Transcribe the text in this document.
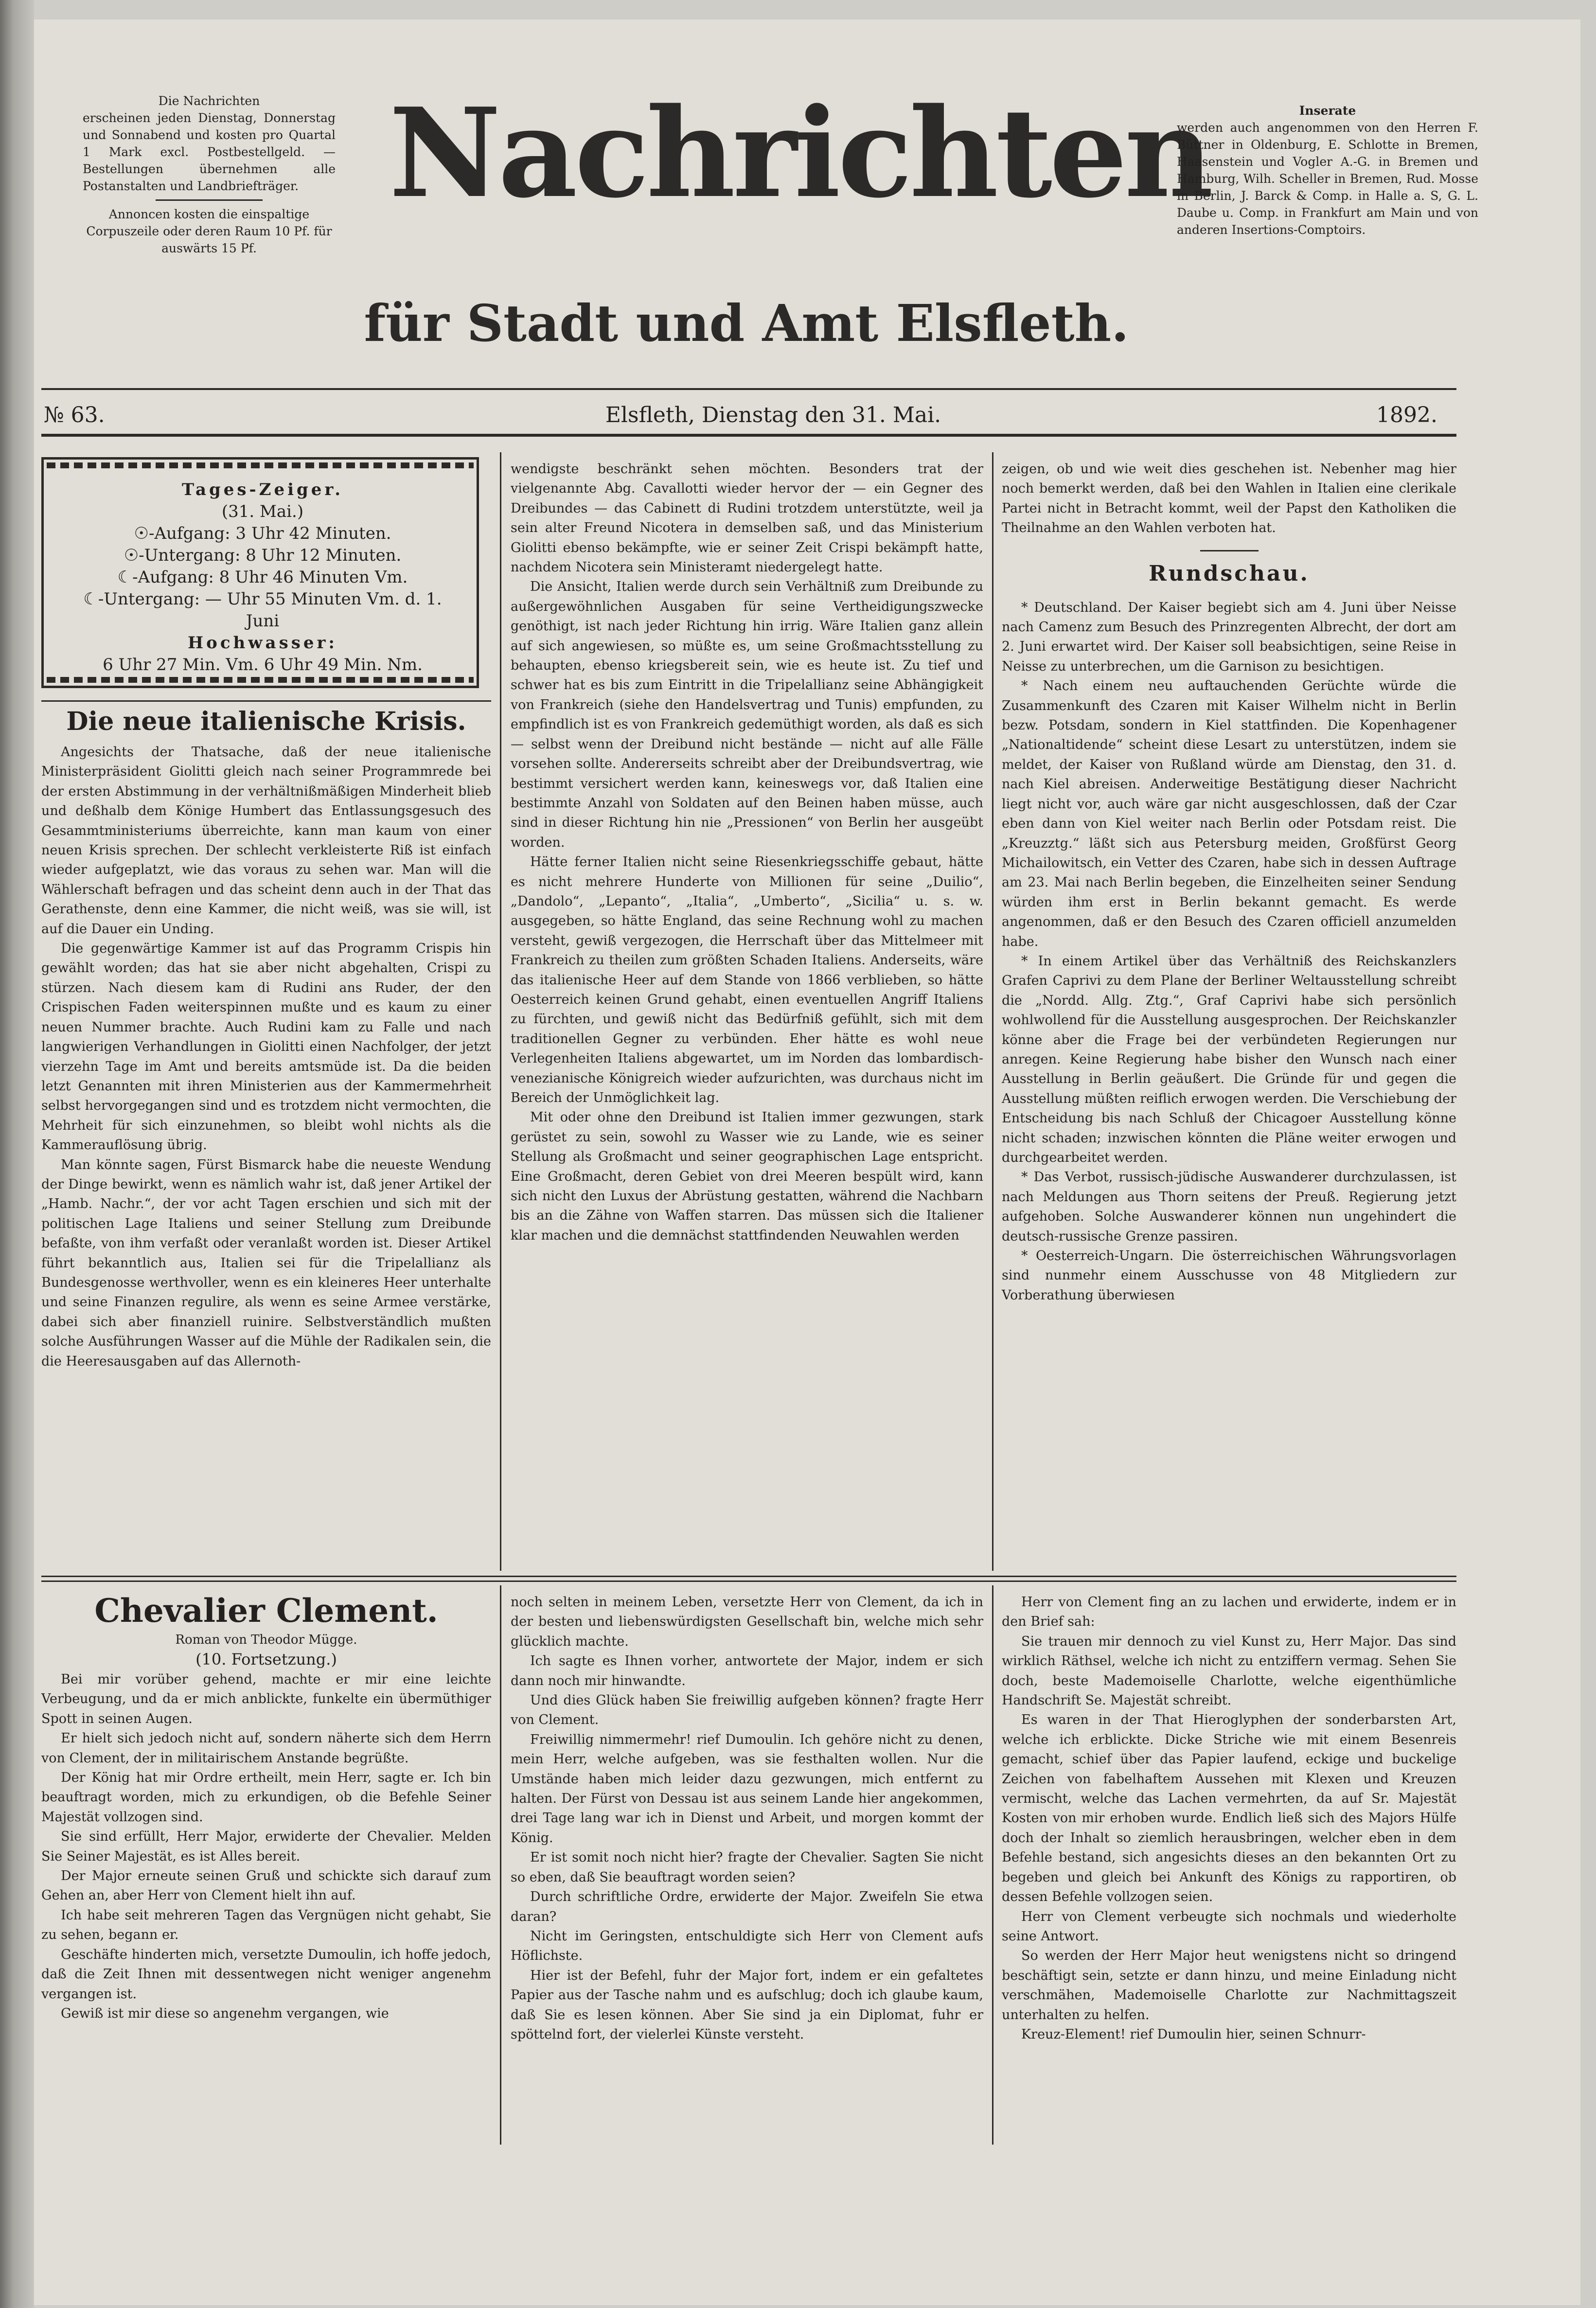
Die Nachrichten
erscheinen jeden Dienstag, Donnerstag und Sonnabend und kosten pro Quartal 1 Mark excl. Postbestellgeld. — Bestellungen übernehmen alle Postanstalten und Landbriefträger.
Annoncen kosten die einspaltige Corpuszeile oder deren Raum 10 Pf. für auswärts 15 Pf.
Nachrichten
für Stadt und Amt Elsfleth.
Inserate
werden auch angenommen von den Herren F. Büttner in Oldenburg, E. Schlotte in Bremen, Haasenstein und Vogler A.-G. in Bremen und Hamburg, Wilh. Scheller in Bremen, Rud. Mosse in Berlin, J. Barck & Comp. in Halle a. S, G. L. Daube u. Comp. in Frankfurt am Main und von anderen Insertions-Comptoirs.
№ 63.	Elsfleth, Dienstag den 31. Mai.	1892.
Tages-Zeiger.
(31. Mai.)
☉-Aufgang: 3 Uhr 42 Minuten.
☉-Untergang: 8 Uhr 12 Minuten.
☾-Aufgang: 8 Uhr 46 Minuten Vm.
☾-Untergang: — Uhr 55 Minuten Vm. d. 1. Juni
Hochwasser:
6 Uhr 27 Min. Vm. 6 Uhr 49 Min. Nm.
Die neue italienische Krisis.

Angesichts der Thatsache, daß der neue italienische Ministerpräsident Giolitti gleich nach seiner Programmrede bei der ersten Abstimmung in der verhältnißmäßigen Minderheit blieb und deßhalb dem Könige Humbert das Entlassungsgesuch des Gesammtministeriums überreichte, kann man kaum von einer neuen Krisis sprechen. Der schlecht verkleisterte Riß ist einfach wieder aufgeplatzt, wie das voraus zu sehen war. Man will die Wählerschaft befragen und das scheint denn auch in der That das Gerathenste, denn eine Kammer, die nicht weiß, was sie will, ist auf die Dauer ein Unding.

Die gegenwärtige Kammer ist auf das Programm Crispis hin gewählt worden; das hat sie aber nicht abgehalten, Crispi zu stürzen. Nach diesem kam di Rudini ans Ruder, der den Crispischen Faden weiterspinnen mußte und es kaum zu einer neuen Nummer brachte. Auch Rudini kam zu Falle und nach langwierigen Verhandlungen in Giolitti einen Nachfolger, der jetzt vierzehn Tage im Amt und bereits amtsmüde ist. Da die beiden letzt Genannten mit ihren Ministerien aus der Kammermehrheit selbst hervorgegangen sind und es trotzdem nicht vermochten, die Mehrheit für sich einzunehmen, so bleibt wohl nichts als die Kammerauflösung übrig.

Man könnte sagen, Fürst Bismarck habe die neueste Wendung der Dinge bewirkt, wenn es nämlich wahr ist, daß jener Artikel der „Hamb. Nachr.“, der vor acht Tagen erschien und sich mit der politischen Lage Italiens und seiner Stellung zum Dreibunde befaßte, von ihm verfaßt oder veranlaßt worden ist. Dieser Artikel führt bekanntlich aus, Italien sei für die Tripelallianz als Bundesgenosse werthvoller, wenn es ein kleineres Heer unterhalte und seine Finanzen regulire, als wenn es seine Armee verstärke, dabei sich aber finanziell ruinire. Selbstverständlich mußten solche Ausführungen Wasser auf die Mühle der Radikalen sein, die die Heeresausgaben auf das Allernoth-

wendigste beschränkt sehen möchten. Besonders trat der vielgenannte Abg. Cavallotti wieder hervor der — ein Gegner des Dreibundes — das Cabinett di Rudini trotzdem unterstützte, weil ja sein alter Freund Nicotera in demselben saß, und das Ministerium Giolitti ebenso bekämpfte, wie er seiner Zeit Crispi bekämpft hatte, nachdem Nicotera sein Ministeramt niedergelegt hatte.

Die Ansicht, Italien werde durch sein Verhältniß zum Dreibunde zu außergewöhnlichen Ausgaben für seine Vertheidigungszwecke genöthigt, ist nach jeder Richtung hin irrig. Wäre Italien ganz allein auf sich angewiesen, so müßte es, um seine Großmachtsstellung zu behaupten, ebenso kriegsbereit sein, wie es heute ist. Zu tief und schwer hat es bis zum Eintritt in die Tripelallianz seine Abhängigkeit von Frankreich (siehe den Handelsvertrag und Tunis) empfunden, zu empfindlich ist es von Frankreich gedemüthigt worden, als daß es sich — selbst wenn der Dreibund nicht bestände — nicht auf alle Fälle vorsehen sollte. Andererseits schreibt aber der Dreibundsvertrag, wie bestimmt versichert werden kann, keineswegs vor, daß Italien eine bestimmte Anzahl von Soldaten auf den Beinen haben müsse, auch sind in dieser Richtung hin nie „Pressionen“ von Berlin her ausgeübt worden.

Hätte ferner Italien nicht seine Riesenkriegsschiffe gebaut, hätte es nicht mehrere Hunderte von Millionen für seine „Duilio“, „Dandolo“, „Lepanto“, „Italia“, „Umberto“, „Sicilia“ u. s. w. ausgegeben, so hätte England, das seine Rechnung wohl zu machen versteht, gewiß vergezogen, die Herrschaft über das Mittelmeer mit Frankreich zu theilen zum größten Schaden Italiens. Anderseits, wäre das italienische Heer auf dem Stande von 1866 verblieben, so hätte Oesterreich keinen Grund gehabt, einen eventuellen Angriff Italiens zu fürchten, und gewiß nicht das Bedürfniß gefühlt, sich mit dem traditionellen Gegner zu verbünden. Eher hätte es wohl neue Verlegenheiten Italiens abgewartet, um im Norden das lombardisch-venezianische Königreich wieder aufzurichten, was durchaus nicht im Bereich der Unmöglichkeit lag.

Mit oder ohne den Dreibund ist Italien immer gezwungen, stark gerüstet zu sein, sowohl zu Wasser wie zu Lande, wie es seiner Stellung als Großmacht und seiner geographischen Lage entspricht. Eine Großmacht, deren Gebiet von drei Meeren bespült wird, kann sich nicht den Luxus der Abrüstung gestatten, während die Nachbarn bis an die Zähne von Waffen starren. Das müssen sich die Italiener klar machen und die demnächst stattfindenden Neuwahlen werden

zeigen, ob und wie weit dies geschehen ist. Nebenher mag hier noch bemerkt werden, daß bei den Wahlen in Italien eine clerikale Partei nicht in Betracht kommt, weil der Papst den Katholiken die Theilnahme an den Wahlen verboten hat.

Rundschau.

* Deutschland. Der Kaiser begiebt sich am 4. Juni über Neisse nach Camenz zum Besuch des Prinzregenten Albrecht, der dort am 2. Juni erwartet wird. Der Kaiser soll beabsichtigen, seine Reise in Neisse zu unterbrechen, um die Garnison zu besichtigen.

* Nach einem neu auftauchenden Gerüchte würde die Zusammenkunft des Czaren mit Kaiser Wilhelm nicht in Berlin bezw. Potsdam, sondern in Kiel stattfinden. Die Kopenhagener „Nationaltidende“ scheint diese Lesart zu unterstützen, indem sie meldet, der Kaiser von Rußland würde am Dienstag, den 31. d. nach Kiel abreisen. Anderweitige Bestätigung dieser Nachricht liegt nicht vor, auch wäre gar nicht ausgeschlossen, daß der Czar eben dann von Kiel weiter nach Berlin oder Potsdam reist. Die „Kreuzztg.“ läßt sich aus Petersburg meiden, Großfürst Georg Michailowitsch, ein Vetter des Czaren, habe sich in dessen Auftrage am 23. Mai nach Berlin begeben, die Einzelheiten seiner Sendung würden ihm erst in Berlin bekannt gemacht. Es werde angenommen, daß er den Besuch des Czaren officiell anzumelden habe.

* In einem Artikel über das Verhältniß des Reichskanzlers Grafen Caprivi zu dem Plane der Berliner Weltausstellung schreibt die „Nordd. Allg. Ztg.“, Graf Caprivi habe sich persönlich wohlwollend für die Ausstellung ausgesprochen. Der Reichskanzler könne aber die Frage bei der verbündeten Regierungen nur anregen. Keine Regierung habe bisher den Wunsch nach einer Ausstellung in Berlin geäußert. Die Gründe für und gegen die Ausstellung müßten reiflich erwogen werden. Die Verschiebung der Entscheidung bis nach Schluß der Chicagoer Ausstellung könne nicht schaden; inzwischen könnten die Pläne weiter erwogen und durchgearbeitet werden.

* Das Verbot, russisch-jüdische Auswanderer durchzulassen, ist nach Meldungen aus Thorn seitens der Preuß. Regierung jetzt aufgehoben. Solche Auswanderer können nun ungehindert die deutsch-russische Grenze passiren.

* Oesterreich-Ungarn. Die österreichischen Währungsvorlagen sind nunmehr einem Ausschusse von 48 Mitgliedern zur Vorberathung überwiesen

Chevalier Clement.
Roman von Theodor Mügge.
(10. Fortsetzung.)

Bei mir vorüber gehend, machte er mir eine leichte Verbeugung, und da er mich anblickte, funkelte ein übermüthiger Spott in seinen Augen.

Er hielt sich jedoch nicht auf, sondern näherte sich dem Herrn von Clement, der in militairischem Anstande begrüßte.

Der König hat mir Ordre ertheilt, mein Herr, sagte er. Ich bin beauftragt worden, mich zu erkundigen, ob die Befehle Seiner Majestät vollzogen sind.

Sie sind erfüllt, Herr Major, erwiderte der Chevalier. Melden Sie Seiner Majestät, es ist Alles bereit.

Der Major erneute seinen Gruß und schickte sich darauf zum Gehen an, aber Herr von Clement hielt ihn auf.

Ich habe seit mehreren Tagen das Vergnügen nicht gehabt, Sie zu sehen, begann er.

Geschäfte hinderten mich, versetzte Dumoulin, ich hoffe jedoch, daß die Zeit Ihnen mit dessentwegen nicht weniger angenehm vergangen ist.

Gewiß ist mir diese so angenehm vergangen, wie

noch selten in meinem Leben, versetzte Herr von Clement, da ich in der besten und liebenswürdigsten Gesellschaft bin, welche mich sehr glücklich machte.

Ich sagte es Ihnen vorher, antwortete der Major, indem er sich dann noch mir hinwandte.

Und dies Glück haben Sie freiwillig aufgeben können? fragte Herr von Clement.

Freiwillig nimmermehr! rief Dumoulin. Ich gehöre nicht zu denen, mein Herr, welche aufgeben, was sie festhalten wollen. Nur die Umstände haben mich leider dazu gezwungen, mich entfernt zu halten. Der Fürst von Dessau ist aus seinem Lande hier angekommen, drei Tage lang war ich in Dienst und Arbeit, und morgen kommt der König.

Er ist somit noch nicht hier? fragte der Chevalier. Sagten Sie nicht so eben, daß Sie beauftragt worden seien?

Durch schriftliche Ordre, erwiderte der Major. Zweifeln Sie etwa daran?

Nicht im Geringsten, entschuldigte sich Herr von Clement aufs Höflichste.

Hier ist der Befehl, fuhr der Major fort, indem er ein gefaltetes Papier aus der Tasche nahm und es aufschlug; doch ich glaube kaum, daß Sie es lesen können. Aber Sie sind ja ein Diplomat, fuhr er spöttelnd fort, der vielerlei Künste versteht.

Herr von Clement fing an zu lachen und erwiderte, indem er in den Brief sah:

Sie trauen mir dennoch zu viel Kunst zu, Herr Major. Das sind wirklich Räthsel, welche ich nicht zu entziffern vermag. Sehen Sie doch, beste Mademoiselle Charlotte, welche eigenthümliche Handschrift Se. Majestät schreibt.

Es waren in der That Hieroglyphen der sonderbarsten Art, welche ich erblickte. Dicke Striche wie mit einem Besenreis gemacht, schief über das Papier laufend, eckige und buckelige Zeichen von fabelhaftem Aussehen mit Klexen und Kreuzen vermischt, welche das Lachen vermehrten, da auf Sr. Majestät Kosten von mir erhoben wurde. Endlich ließ sich des Majors Hülfe doch der Inhalt so ziemlich herausbringen, welcher eben in dem Befehle bestand, sich angesichts dieses an den bekannten Ort zu begeben und gleich bei Ankunft des Königs zu rapportiren, ob dessen Befehle vollzogen seien.

Herr von Clement verbeugte sich nochmals und wiederholte seine Antwort.

So werden der Herr Major heut wenigstens nicht so dringend beschäftigt sein, setzte er dann hinzu, und meine Einladung nicht verschmähen, Mademoiselle Charlotte zur Nachmittagszeit unterhalten zu helfen.

Kreuz-Element! rief Dumoulin hier, seinen Schnurr-
